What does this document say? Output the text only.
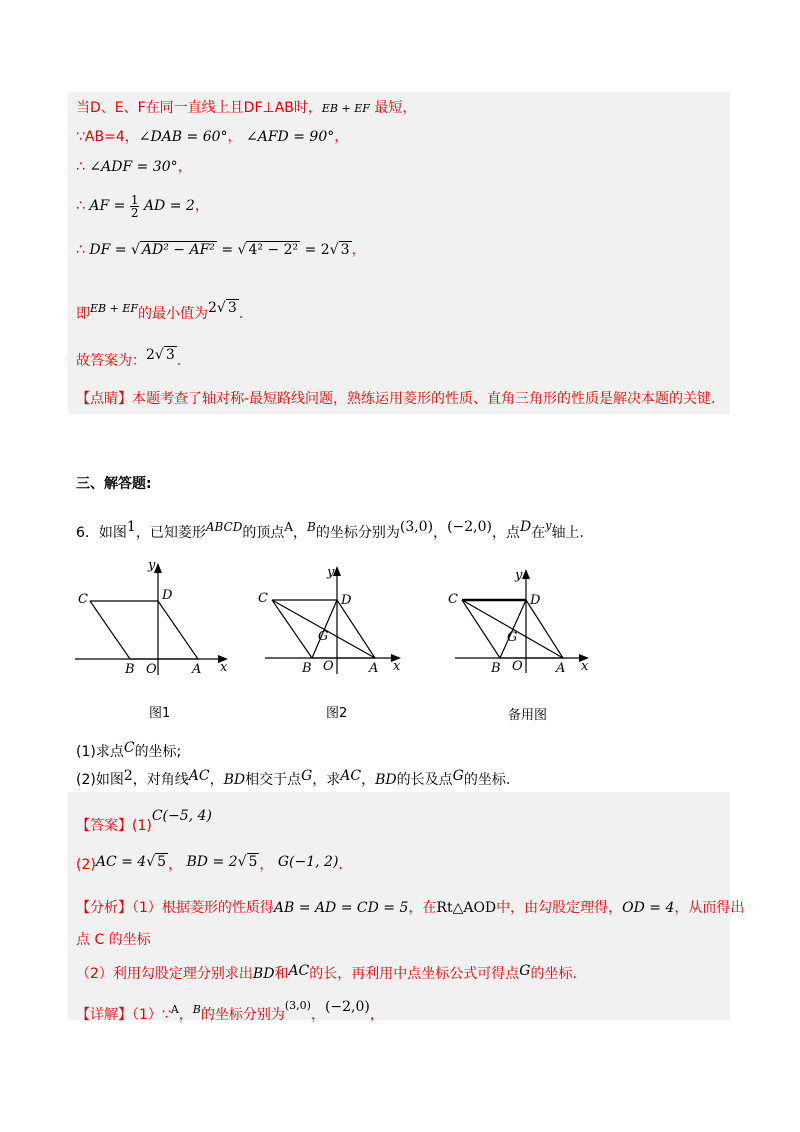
当D、E、F在同一直线上且DF⊥AB时，EB + EF 最短，
∵AB=4，∠DAB = 60°， ∠AFD = 90°，
∴ ∠ADF = 30°，
∴ AF = $\frac{1}{2}$ AD = 2，
∴ DF = √ AD² − AF² = √ 4² − 2² = 2√ 3 ，
即$^{EB + EF}$的最小值为2√ 3 .
故答案为：2√ 3 .
【点睛】本题考查了轴对称-最短路线问题，熟练运用菱形的性质、直角三角形的性质是解决本题的关键.
三、解答题:
6．如图1，已知菱形ABCD的顶点A，B的坐标分别为(3,0)，(−2,0)，点D在$^y$轴上.
y
x
O	A
B
C	D
图1
y
x
O	A
B
C	D
G
图2
y
x
O	A
B
C	D
G
备用图
(1)求点C的坐标;
(2)如图2，对角线AC，BD相交于点G，求AC，BD的长及点G的坐标.
【答案】(1)C(−5, 4)
(2)AC = 4√ 5 ， BD = 2√ 5 ， G(−1, 2).
【分析】（1）根据菱形的性质得AB = AD = CD = 5，在Rt△AOD中，由勾股定理得，OD = 4，从而得出
点 C 的坐标
（2）利用勾股定理分别求出BD和AC的长，再利用中点坐标公式可得点G的坐标.
【详解】（1）∵$^A$，$^B$的坐标分别为$^{(3,0)}$，(−2,0)，
